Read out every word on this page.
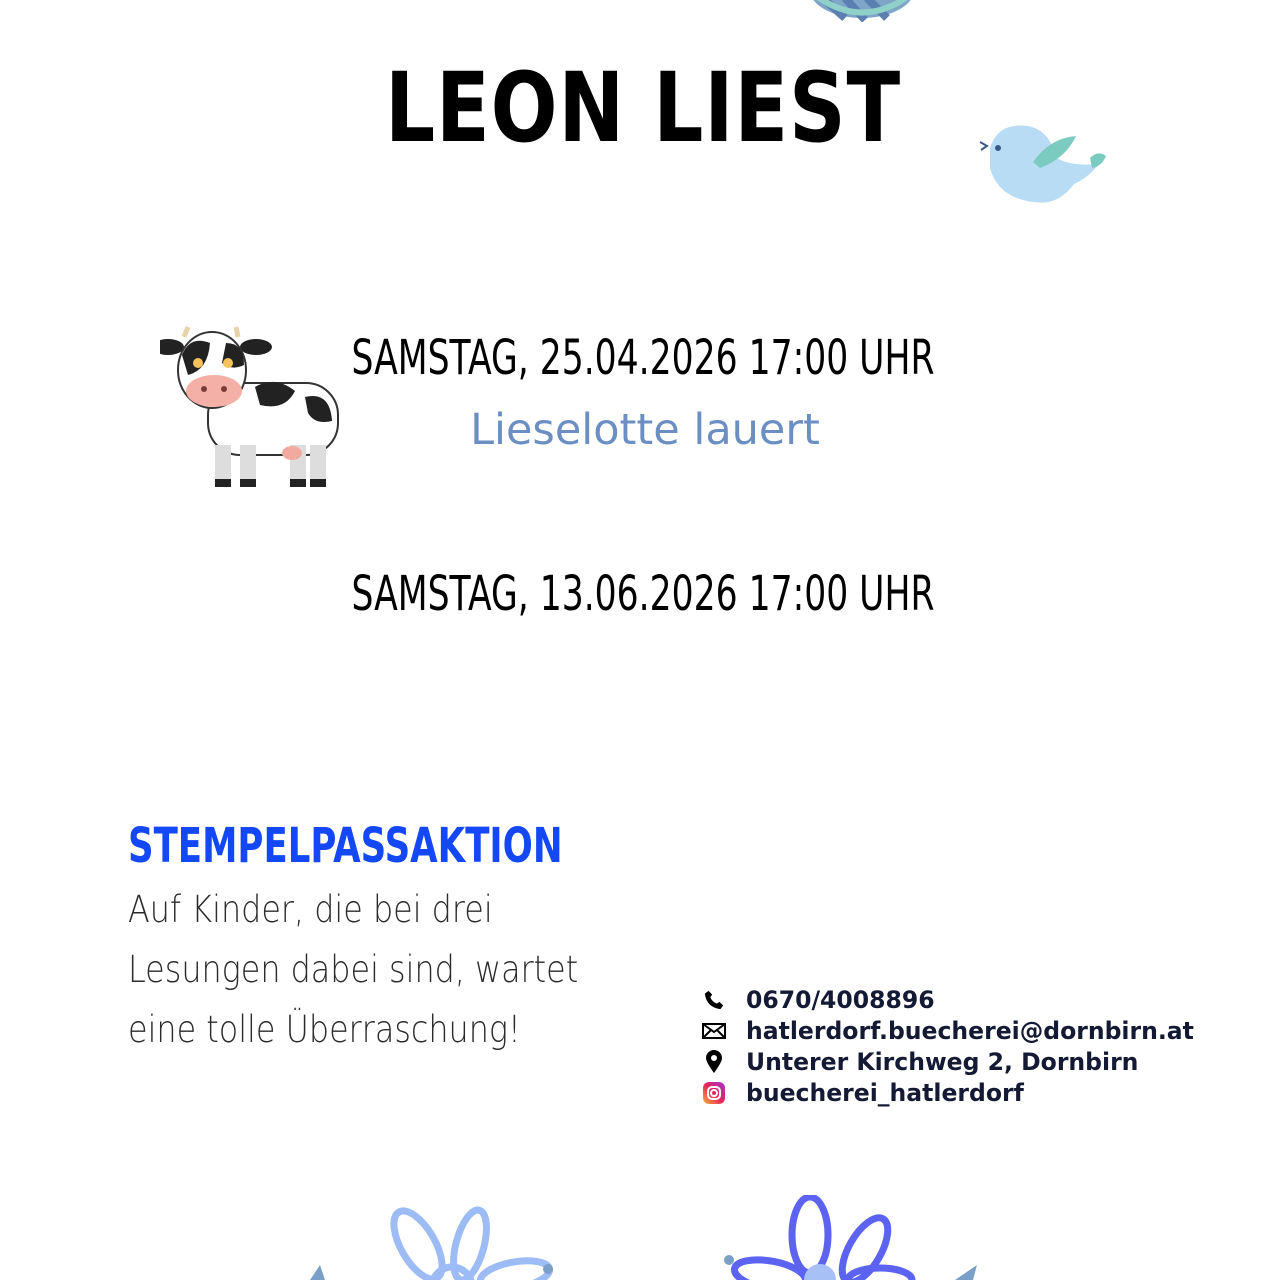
LEON LIEST
SAMSTAG, 25.04.2026 17:00 UHR
Lieselotte lauert
SAMSTAG, 13.06.2026 17:00 UHR
STEMPELPASSAKTION
Auf Kinder, die bei drei
Lesungen dabei sind, wartet
eine tolle Überraschung!
0670/4008896
hatlerdorf.buecherei@dornbirn.at
Unterer Kirchweg 2, Dornbirn
buecherei_hatlerdorf
